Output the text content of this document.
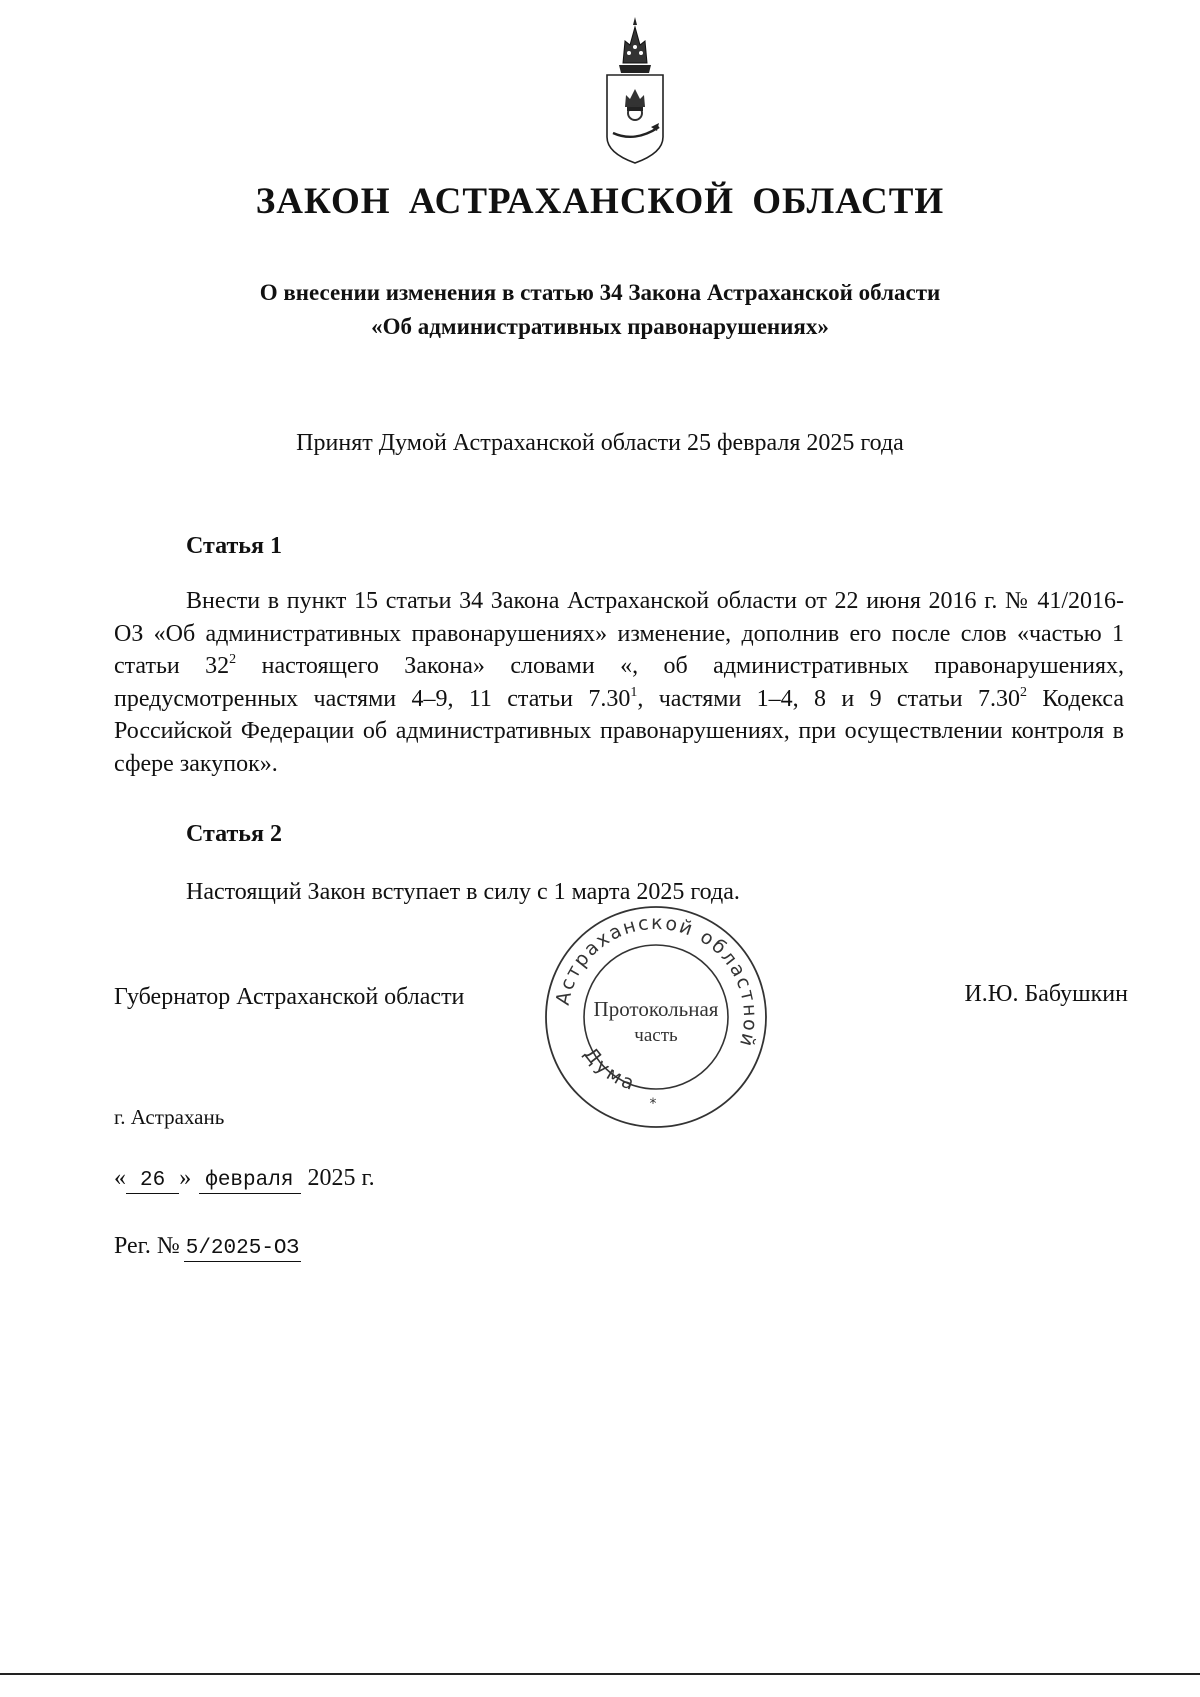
ЗАКОН АСТРАХАНСКОЙ ОБЛАСТИ
О внесении изменения в статью 34 Закона Астраханской области
«Об административных правонарушениях»
Принят Думой Астраханской области 25 февраля 2025 года
Статья 1
Внести в пункт 15 статьи 34 Закона Астраханской области от 22 июня 2016 г. № 41/2016-ОЗ «Об административных правонарушениях» изменение, дополнив его после слов «частью 1 статьи $32^2$ настоящего Закона» словами «, об административных правонарушениях, предусмотренных частями 4–9, 11 статьи 7.30$^1$, частями 1–4, 8 и 9 статьи 7.30$^2$ Кодекса Российской Федерации об административных правонарушениях, при осуществлении контроля в сфере закупок».
Статья 2
Настоящий Закон вступает в силу с 1 марта 2025 года.
Губернатор Астраханской области	И.Ю. Бабушкин
Астраханской областной
Дума
Протокольная
часть
*
г. Астрахань
« 26 » февраля 2025 г.
Рег. № 5/2025-ОЗ
